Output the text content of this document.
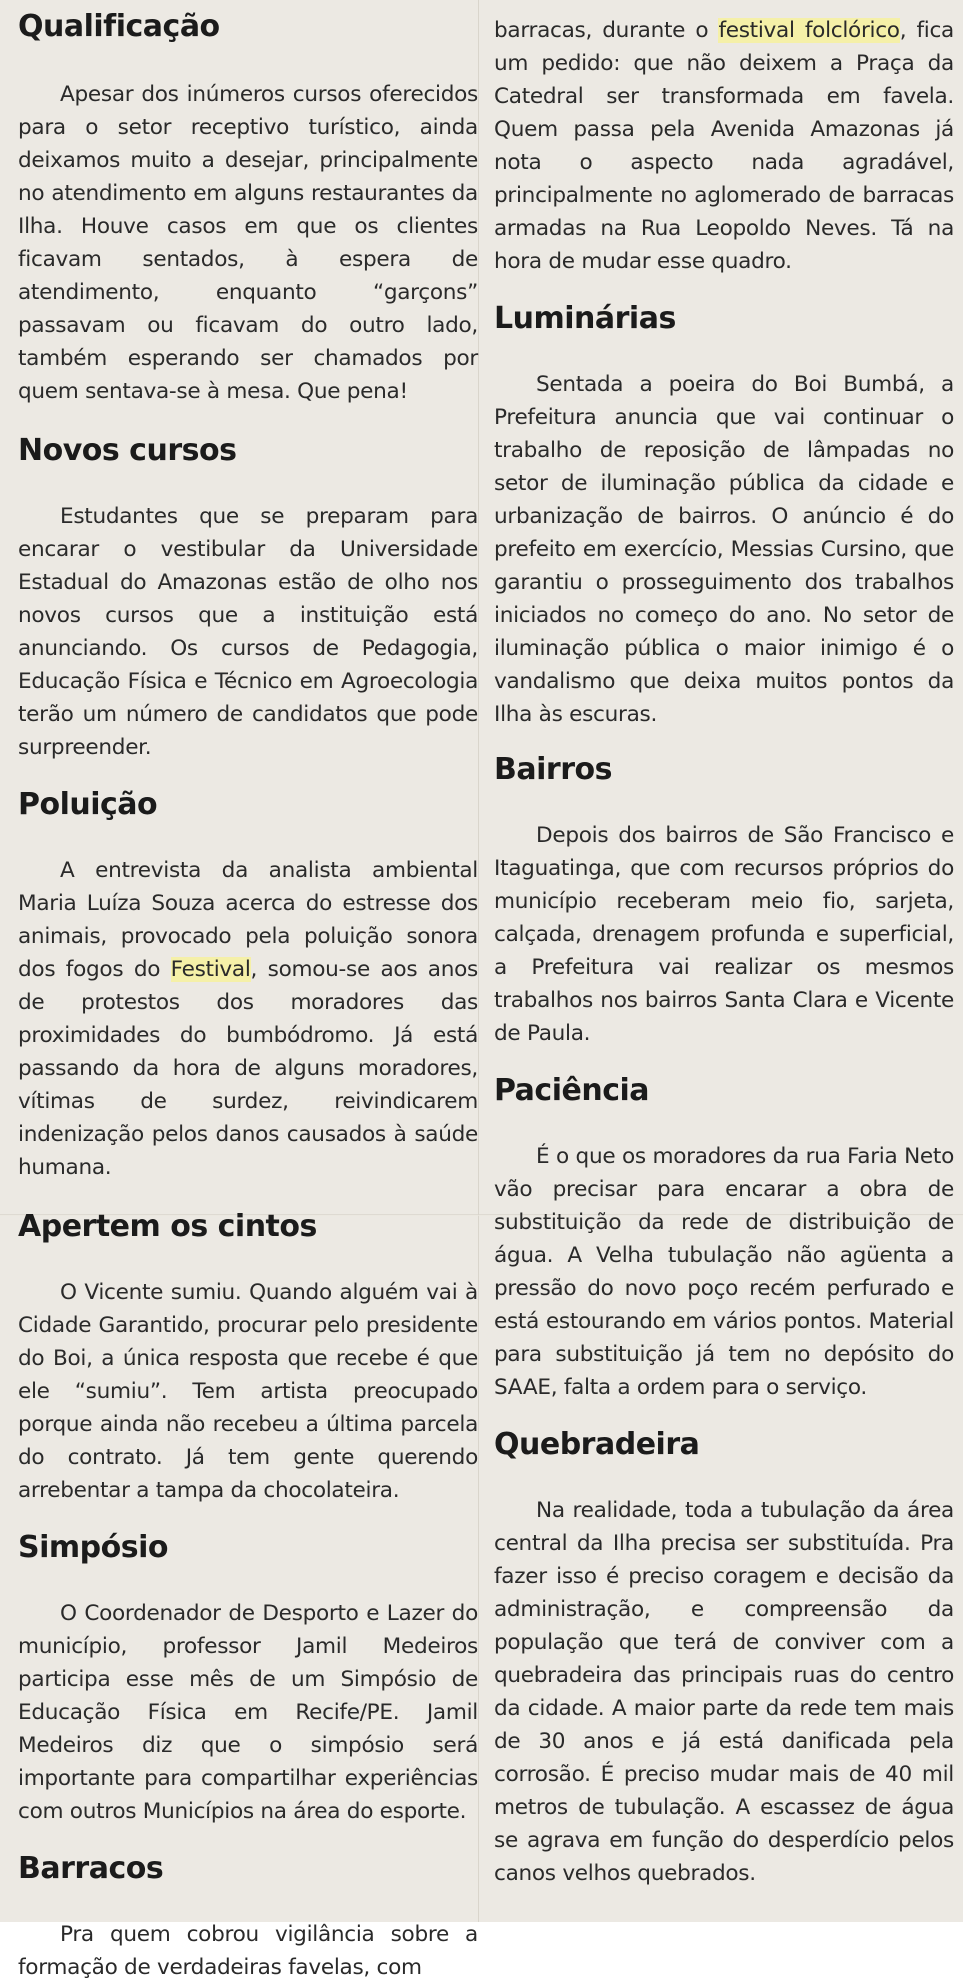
Qualificação

Apesar dos inúmeros cursos oferecidos para o setor receptivo turístico, ainda deixamos muito a desejar, principalmente no atendimento em alguns restaurantes da Ilha. Houve casos em que os clientes ficavam sentados, à espera de atendimento, enquanto “garçons” passavam ou ficavam do outro lado, também esperando ser chamados por quem sentava-se à mesa. Que pena!

Novos cursos

Estudantes que se preparam para encarar o vestibular da Universidade Estadual do Amazonas estão de olho nos novos cursos que a instituição está anunciando. Os cursos de Pedagogia, Educação Física e Técnico em Agroecologia terão um número de candidatos que pode surpreender.

Poluição

A entrevista da analista ambiental Maria Luíza Souza acerca do estresse dos animais, provocado pela poluição sonora dos fogos do Festival, somou-se aos anos de protestos dos moradores das proximidades do bumbódromo. Já está passando da hora de alguns moradores, vítimas de surdez, reivindicarem indenização pelos danos causados à saúde humana.

Apertem os cintos

O Vicente sumiu. Quando alguém vai à Cidade Garantido, procurar pelo presidente do Boi, a única resposta que recebe é que ele “sumiu”. Tem artista preocupado porque ainda não recebeu a última parcela do contrato. Já tem gente querendo arrebentar a tampa da chocolateira.

Simpósio

O Coordenador de Desporto e Lazer do município, professor Jamil Medeiros participa esse mês de um Simpósio de Educação Física em Recife/PE. Jamil Medeiros diz que o simpósio será importante para compartilhar experiências com outros Municípios na área do esporte.

Barracos

Pra quem cobrou vigilância sobre a formação de verdadeiras favelas, com

barracas, durante o festival folclórico, fica um pedido: que não deixem a Praça da Catedral ser transformada em favela. Quem passa pela Avenida Amazonas já nota o aspecto nada agradável, principalmente no aglomerado de barracas armadas na Rua Leopoldo Neves. Tá na hora de mudar esse quadro.

Luminárias

Sentada a poeira do Boi Bumbá, a Prefeitura anuncia que vai continuar o trabalho de reposição de lâmpadas no setor de iluminação pública da cidade e urbanização de bairros. O anúncio é do prefeito em exercício, Messias Cursino, que garantiu o prosseguimento dos trabalhos iniciados no começo do ano. No setor de iluminação pública o maior inimigo é o vandalismo que deixa muitos pontos da Ilha às escuras.

Bairros

Depois dos bairros de São Francisco e Itaguatinga, que com recursos próprios do município receberam meio fio, sarjeta, calçada, drenagem profunda e superficial, a Prefeitura vai realizar os mesmos trabalhos nos bairros Santa Clara e Vicente de Paula.

Paciência

É o que os moradores da rua Faria Neto vão precisar para encarar a obra de substituição da rede de distribuição de água. A Velha tubulação não agüenta a pressão do novo poço recém perfurado e está estourando em vários pontos. Material para substituição já tem no depósito do SAAE, falta a ordem para o serviço.

Quebradeira

Na realidade, toda a tubulação da área central da Ilha precisa ser substituída. Pra fazer isso é preciso coragem e decisão da administração, e compreensão da população que terá de conviver com a quebradeira das principais ruas do centro da cidade. A maior parte da rede tem mais de 30 anos e já está danificada pela corrosão. É preciso mudar mais de 40 mil metros de tubulação. A escassez de água se agrava em função do desperdício pelos canos velhos quebrados.
